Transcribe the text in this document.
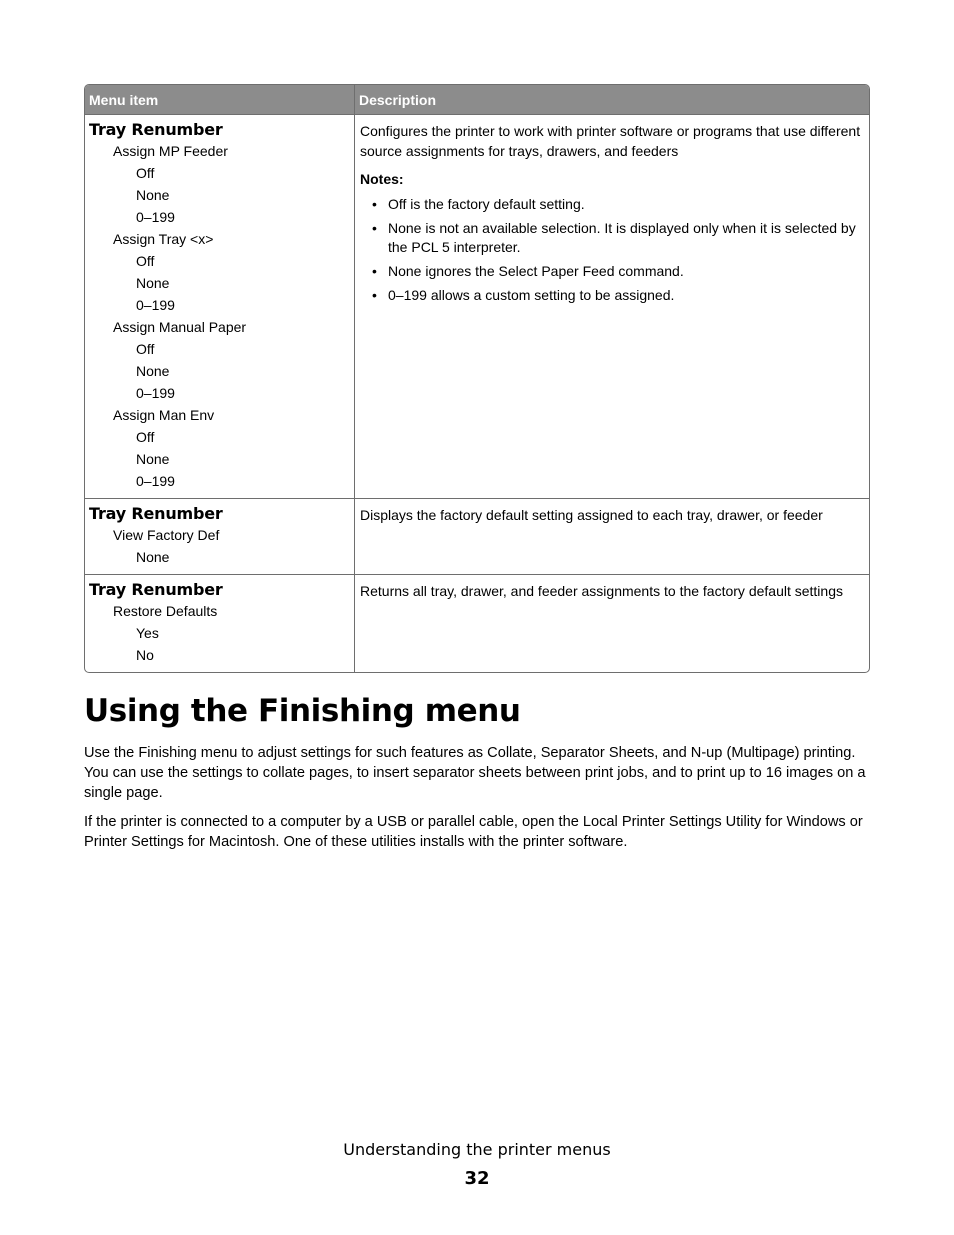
Menu item	Description
Tray Renumber
Assign MP Feeder
Off
None
0–199
Assign Tray <x>
Off
None
0–199
Assign Manual Paper
Off
None
0–199
Assign Man Env
Off
None
0–199
Configures the printer to work with printer software or programs that use different source assignments for trays, drawers, and feeders
Notes:
• Off is the factory default setting.
• None is not an available selection. It is displayed only when it is selected by the PCL 5 interpreter.
• None ignores the Select Paper Feed command.
• 0–199 allows a custom setting to be assigned.
Tray Renumber
View Factory Def
None
Displays the factory default setting assigned to each tray, drawer, or feeder
Tray Renumber
Restore Defaults
Yes
No
Returns all tray, drawer, and feeder assignments to the factory default settings
Using the Finishing menu

Use the Finishing menu to adjust settings for such features as Collate, Separator Sheets, and N-up (Multipage) printing. You can use the settings to collate pages, to insert separator sheets between print jobs, and to print up to 16 images on a single page.

If the printer is connected to a computer by a USB or parallel cable, open the Local Printer Settings Utility for Windows or Printer Settings for Macintosh. One of these utilities installs with the printer software.

Understanding the printer menus
32
